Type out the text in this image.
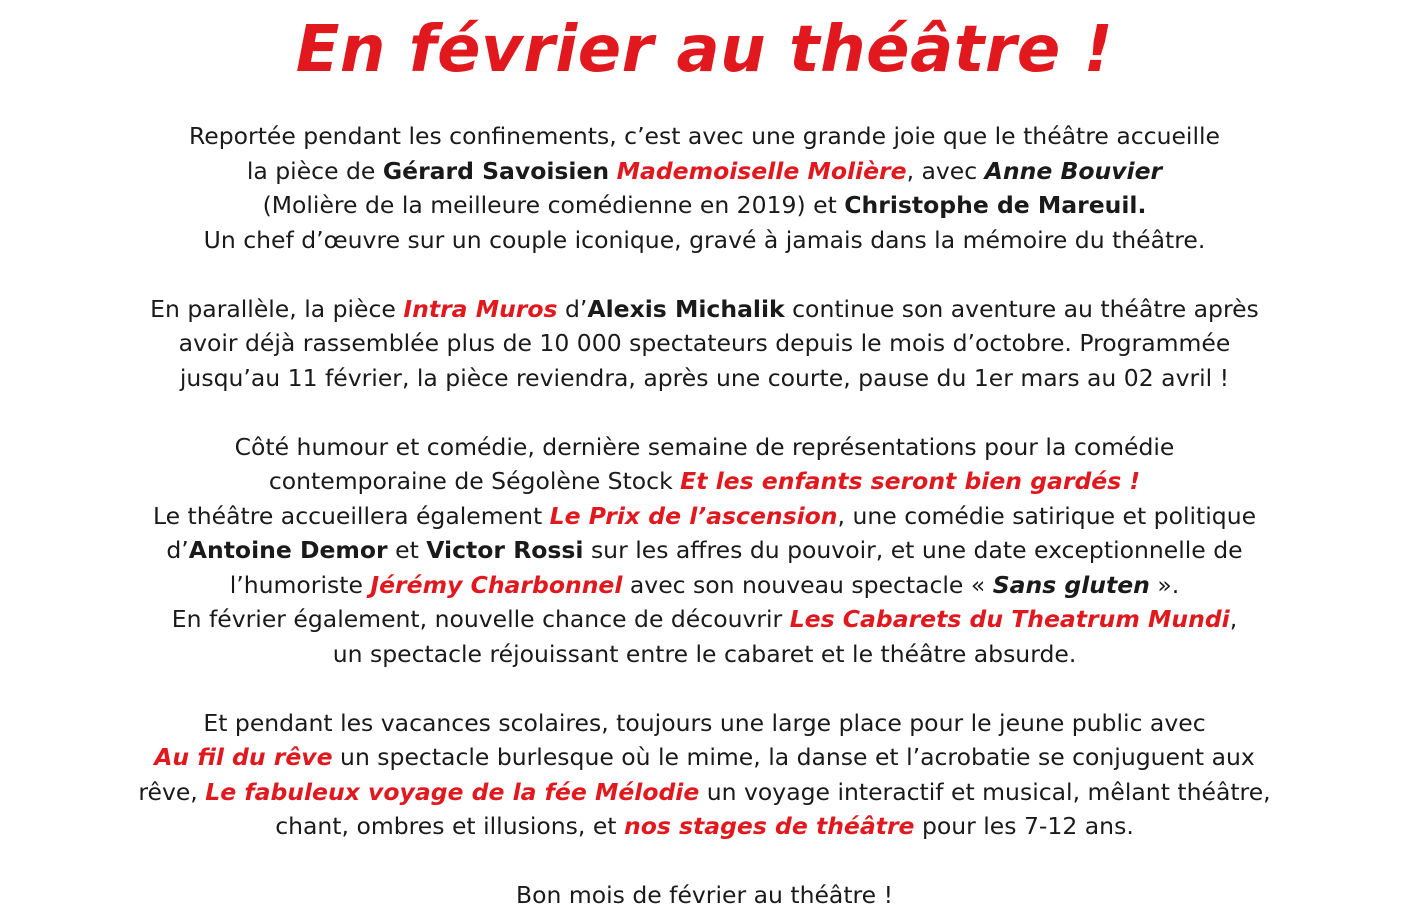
En février au théâtre !
Reportée pendant les confinements, c’est avec une grande joie que le théâtre accueille
la pièce de Gérard Savoisien Mademoiselle Molière, avec Anne Bouvier
(Molière de la meilleure comédienne en 2019) et Christophe de Mareuil.
Un chef d’œuvre sur un couple iconique, gravé à jamais dans la mémoire du théâtre.
En parallèle, la pièce Intra Muros d’Alexis Michalik continue son aventure au théâtre après
avoir déjà rassemblée plus de 10 000 spectateurs depuis le mois d’octobre. Programmée
jusqu’au 11 février, la pièce reviendra, après une courte, pause du 1er mars au 02 avril !
Côté humour et comédie, dernière semaine de représentations pour la comédie
contemporaine de Ségolène Stock Et les enfants seront bien gardés !
Le théâtre accueillera également Le Prix de l’ascension, une comédie satirique et politique
d’Antoine Demor et Victor Rossi sur les affres du pouvoir, et une date exceptionnelle de
l’humoriste Jérémy Charbonnel avec son nouveau spectacle « Sans gluten ».
En février également, nouvelle chance de découvrir Les Cabarets du Theatrum Mundi,
un spectacle réjouissant entre le cabaret et le théâtre absurde.
Et pendant les vacances scolaires, toujours une large place pour le jeune public avec
Au fil du rêve un spectacle burlesque où le mime, la danse et l’acrobatie se conjuguent aux
rêve, Le fabuleux voyage de la fée Mélodie un voyage interactif et musical, mêlant théâtre,
chant, ombres et illusions, et nos stages de théâtre pour les 7-12 ans.
Bon mois de février au théâtre !
